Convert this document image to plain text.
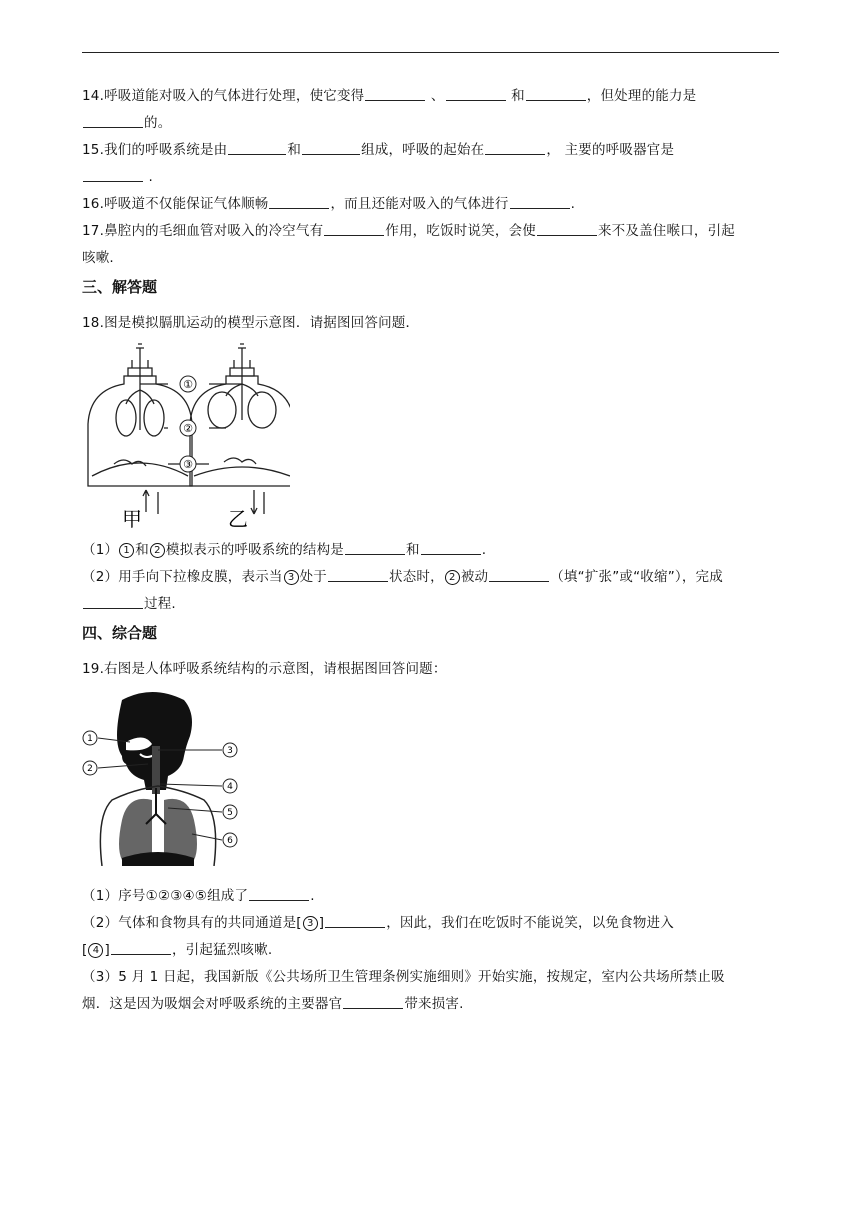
14.呼吸道能对吸入的气体进行处理，使它变得	、	和	，但处理的能力是
的。
15.我们的呼吸系统是由	和	组成，呼吸的起始在	， 主要的呼吸器官是
.
16.呼吸道不仅能保证气体顺畅	，而且还能对吸入的气体进行	.
17.鼻腔内的毛细血管对吸入的冷空气有	作用，吃饭时说笑，会使	来不及盖住喉口，引起
咳嗽.
三、解答题
18.图是模拟膈肌运动的模型示意图．请据图回答问题．
①
②
③
甲	乙
（1） 1 和 2 模拟表示的呼吸系统的结构是	和	.
（2）用手向下拉橡皮膜，表示当 3 处于	状态时， 2 被动	（填“扩张”或“收缩”），完成
过程.
四、综合题
19.右图是人体呼吸系统结构的示意图，请根据图回答问题：
1
2
3
4
5
6
（1）序号①②③④⑤组成了	.
（2）气体和食物具有的共同通道是[ 3 ]	，因此，我们在吃饭时不能说笑，以免食物进入
[ 4 ]	，引起猛烈咳嗽.
（3）5 月 1 日起，我国新版《公共场所卫生管理条例实施细则》开始实施，按规定，室内公共场所禁止吸
烟．这是因为吸烟会对呼吸系统的主要器官	带来损害.
